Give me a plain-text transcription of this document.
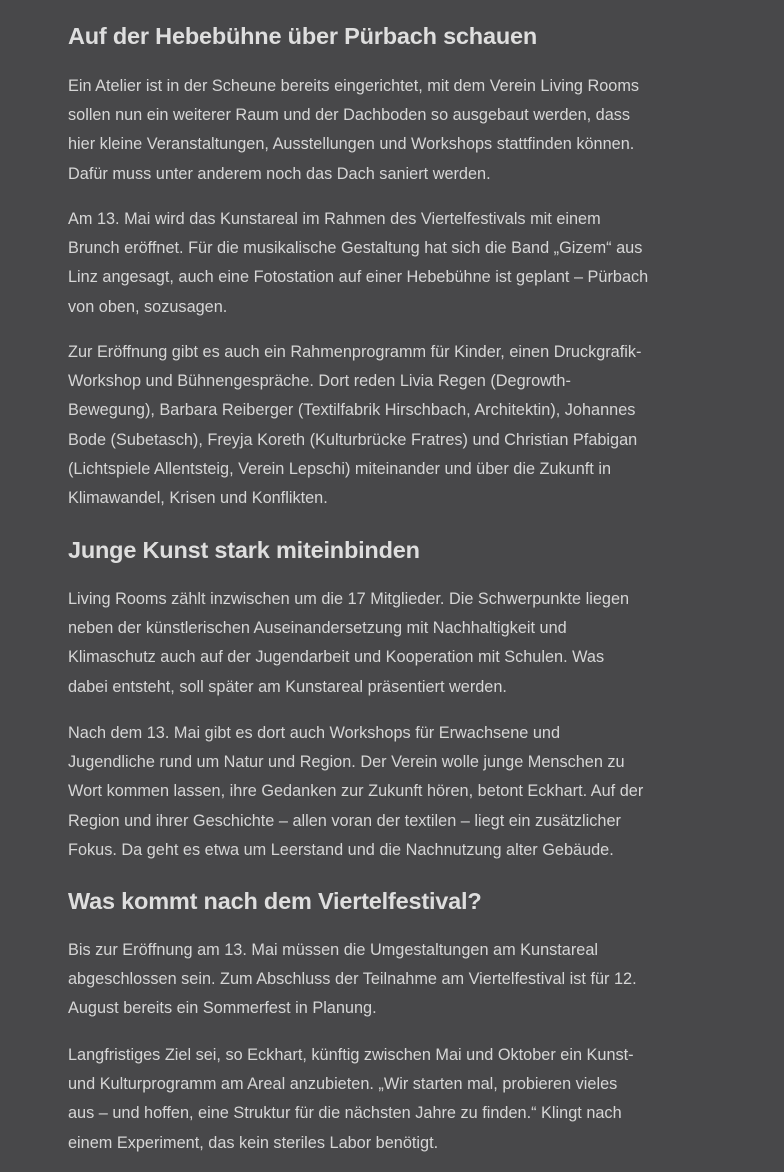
Auf der Hebebühne über Pürbach schauen

Ein Atelier ist in der Scheune bereits eingerichtet, mit dem Verein Living Rooms
sollen nun ein weiterer Raum und der Dachboden so ausgebaut werden, dass
hier kleine Veranstaltungen, Ausstellungen und Workshops stattfinden können.
Dafür muss unter anderem noch das Dach saniert werden.

Am 13. Mai wird das Kunstareal im Rahmen des Viertelfestivals mit einem
Brunch eröffnet. Für die musikalische Gestaltung hat sich die Band „Gizem“ aus
Linz angesagt, auch eine Fotostation auf einer Hebebühne ist geplant – Pürbach
von oben, sozusagen.

Zur Eröffnung gibt es auch ein Rahmenprogramm für Kinder, einen Druckgrafik-
Workshop und Bühnengespräche. Dort reden Livia Regen (Degrowth-
Bewegung), Barbara Reiberger (Textilfabrik Hirschbach, Architektin), Johannes
Bode (Subetasch), Freyja Koreth (Kulturbrücke Fratres) und Christian Pfabigan
(Lichtspiele Allentsteig, Verein Lepschi) miteinander und über die Zukunft in
Klimawandel, Krisen und Konflikten.

Junge Kunst stark miteinbinden

Living Rooms zählt inzwischen um die 17 Mitglieder. Die Schwerpunkte liegen
neben der künstlerischen Auseinandersetzung mit Nachhaltigkeit und
Klimaschutz auch auf der Jugendarbeit und Kooperation mit Schulen. Was
dabei entsteht, soll später am Kunstareal präsentiert werden.

Nach dem 13. Mai gibt es dort auch Workshops für Erwachsene und
Jugendliche rund um Natur und Region. Der Verein wolle junge Menschen zu
Wort kommen lassen, ihre Gedanken zur Zukunft hören, betont Eckhart. Auf der
Region und ihrer Geschichte – allen voran der textilen – liegt ein zusätzlicher
Fokus. Da geht es etwa um Leerstand und die Nachnutzung alter Gebäude.

Was kommt nach dem Viertelfestival?

Bis zur Eröffnung am 13. Mai müssen die Umgestaltungen am Kunstareal
abgeschlossen sein. Zum Abschluss der Teilnahme am Viertelfestival ist für 12.
August bereits ein Sommerfest in Planung.

Langfristiges Ziel sei, so Eckhart, künftig zwischen Mai und Oktober ein Kunst-
und Kulturprogramm am Areal anzubieten. „Wir starten mal, probieren vieles
aus – und hoffen, eine Struktur für die nächsten Jahre zu finden.“ Klingt nach
einem Experiment, das kein steriles Labor benötigt.
